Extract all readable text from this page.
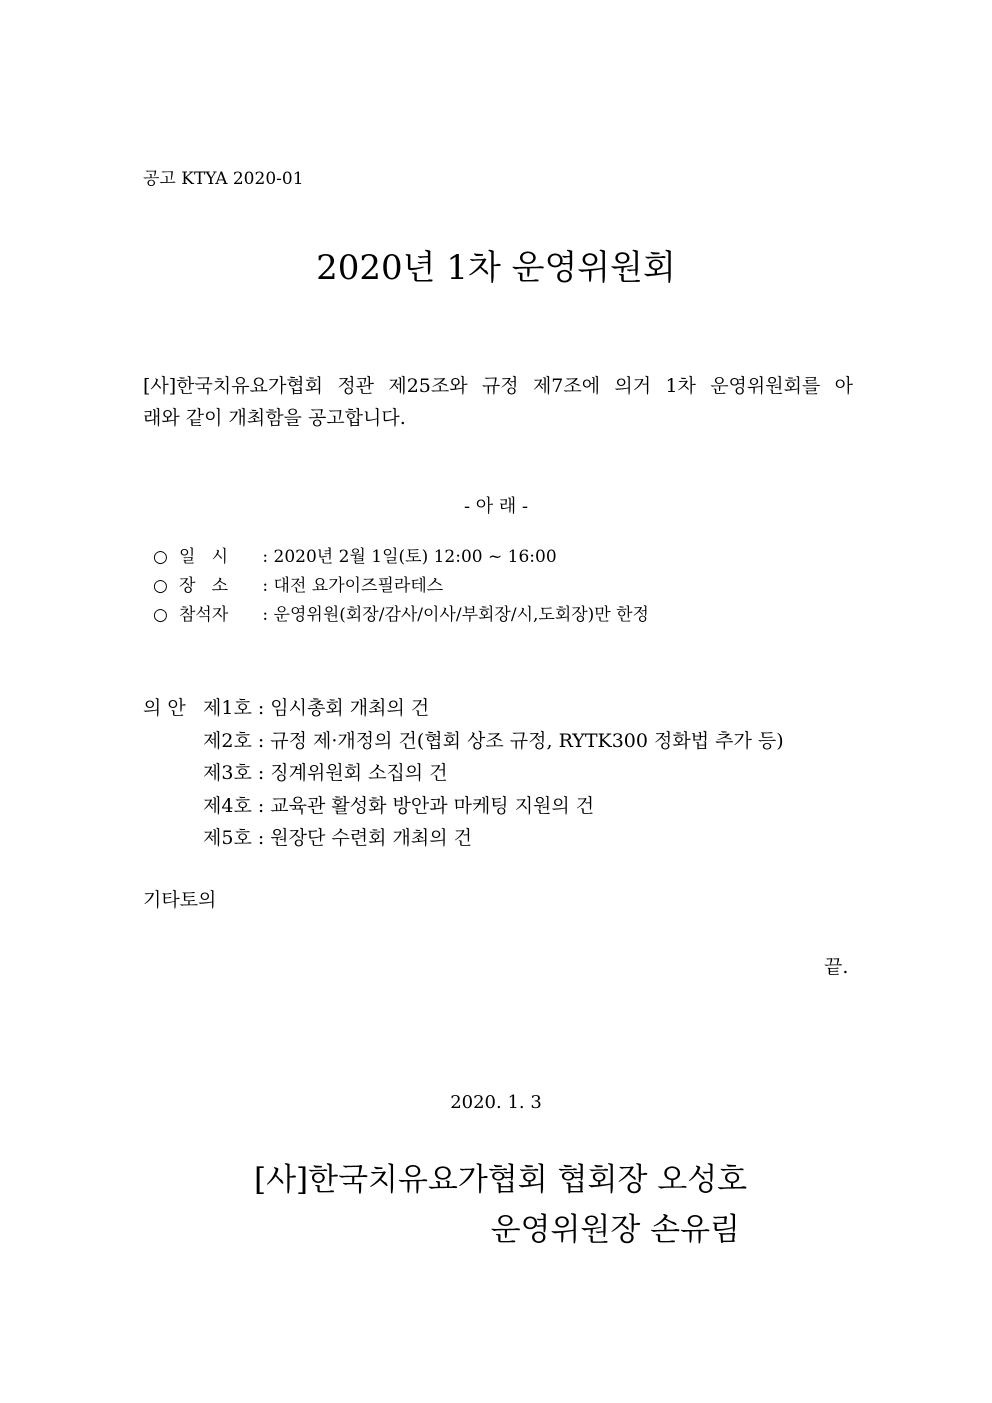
공고 KTYA 2020-01
2020년 1차 운영위원회
[사]한국치유요가협회 정관 제25조와 규정 제7조에 의거 1차 운영위원회를 아
래와 같이 개최함을 공고합니다.
- 아 래 -
○ 일   시	: 2020년 2월 1일(토) 12:00 ~ 16:00
○ 장   소	: 대전 요가이즈필라테스
○ 참석자	: 운영위원(회장/감사/이사/부회장/시,도회장)만 한정
의 안 제1호 : 임시총회 개최의 건
제2호 : 규정 제·개정의 건(협회 상조 규정, RYTK300 정화법 추가 등)
제3호 : 징계위원회 소집의 건
제4호 : 교육관 활성화 방안과 마케팅 지원의 건
제5호 : 원장단 수련회 개최의 건
기타토의
끝.
2020. 1. 3
[사]한국치유요가협회 협회장 오성호
운영위원장 손유림
